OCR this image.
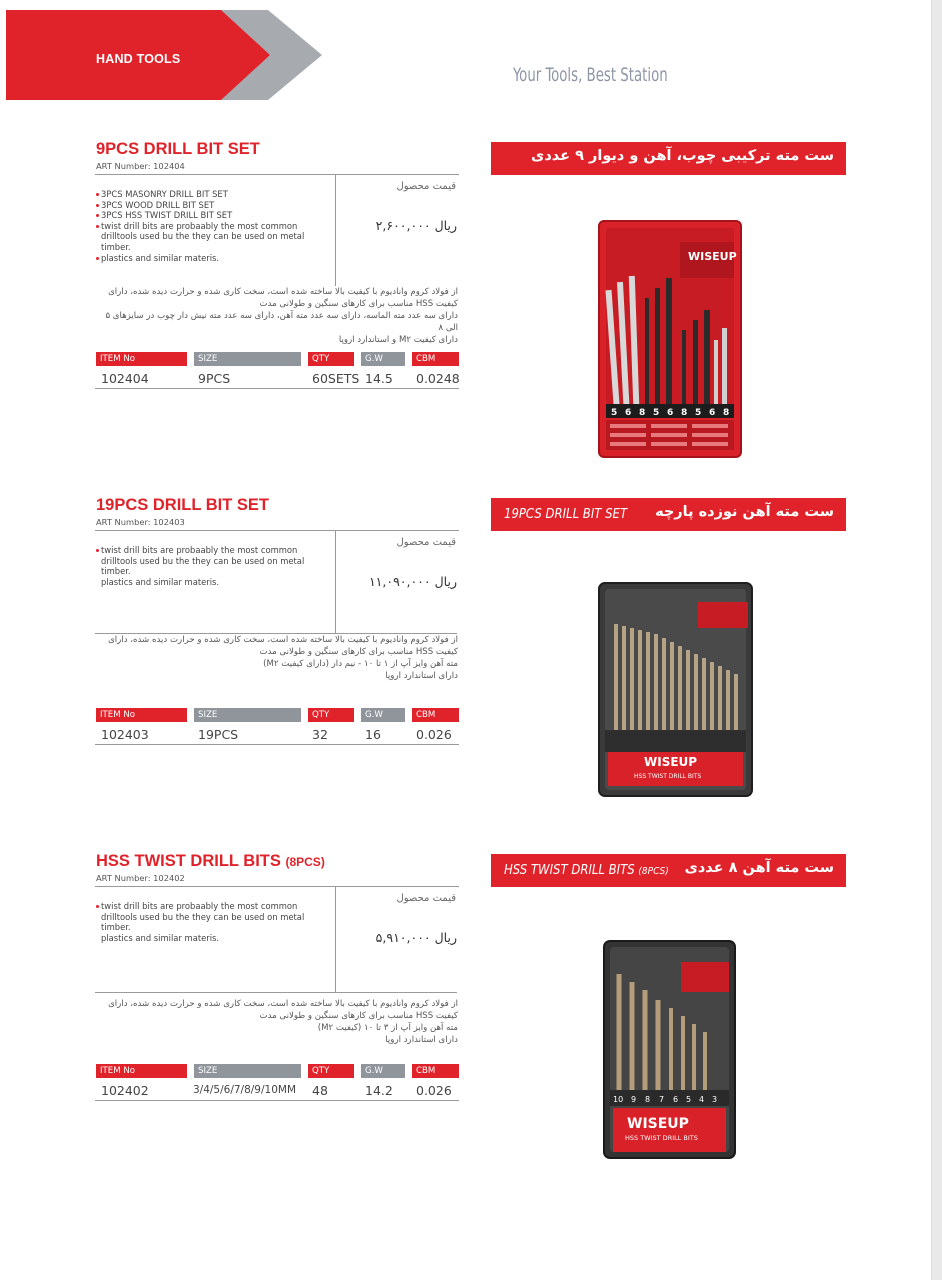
HAND TOOLS
Your Tools, Best Station
9PCS DRILL BIT SET
ART Number: 102404
3PCS MASONRY DRILL BIT SET
3PCS WOOD DRILL BIT SET
3PCS HSS TWIST DRILL BIT SET
twist drill bits are probaably the most common drilltools used bu the they can be used on metal timber.
plastics and similar materis.
قیمت محصول
۲,۶۰۰,۰۰۰ ریال
از فولاد کروم وانادیوم با کیفیت بالا ساخته شده است، سخت کاری شده و حرارت دیده شده، دارای
کیفیت HSS مناسب برای کارهای سنگین و طولانی مدت
دارای سه عدد مته الماسه، دارای سه عدد مته آهن، دارای سه عدد مته نیش دار چوب در سایزهای ۵
الی ۸
دارای کیفیت M۲ و استاندارد اروپا
ITEM No	SIZE	QTY	G.W	CBM
102404	9PCS	60SETS 14.5 0.0248
ست مته ترکیبی چوب، آهن و دیوار ۹ عددی
WISEUP
5 6 8 5 6 8 5 6 8
19PCS DRILL BIT SET
ART Number: 102403
twist drill bits are probaably the most common drilltools used bu the they can be used on metal timber.
plastics and similar materis.
قیمت محصول
۱۱,۰۹۰,۰۰۰ ریال
از فولاد کروم وانادیوم با کیفیت بالا ساخته شده است، سخت کاری شده و حرارت دیده شده، دارای
کیفیت HSS مناسب برای کارهای سنگین و طولانی مدت
مته آهن وایز آپ از ۱ تا ۱۰ - نیم دار (دارای کیفیت M۲)
دارای استاندارد اروپا
ITEM No	SIZE	QTY	G.W	CBM
102403	19PCS	32	16	0.026
19PCS DRILL BIT SET ست مته آهن نوزده پارچه
WISEUP
HSS TWIST DRILL BITS
HSS TWIST DRILL BITS (8PCS)
ART Number: 102402
twist drill bits are probaably the most common drilltools used bu the they can be used on metal timber.
plastics and similar materis.
قیمت محصول
۵,۹۱۰,۰۰۰ ریال
از فولاد کروم وانادیوم با کیفیت بالا ساخته شده است، سخت کاری شده و حرارت دیده شده، دارای
کیفیت HSS مناسب برای کارهای سنگین و طولانی مدت
مته آهن وایز آپ از ۳ تا ۱۰ (کیفیت M۲)
دارای استاندارد اروپا
ITEM No	SIZE	QTY	G.W	CBM
102402	3/4/5/6/7/8/9/10MM 48	14.2 0.026
HSS TWIST DRILL BITS (8PCS) ست مته آهن ۸ عددی
10 9 8 7 6 5 4 3
WISEUP
HSS TWIST DRILL BITS
